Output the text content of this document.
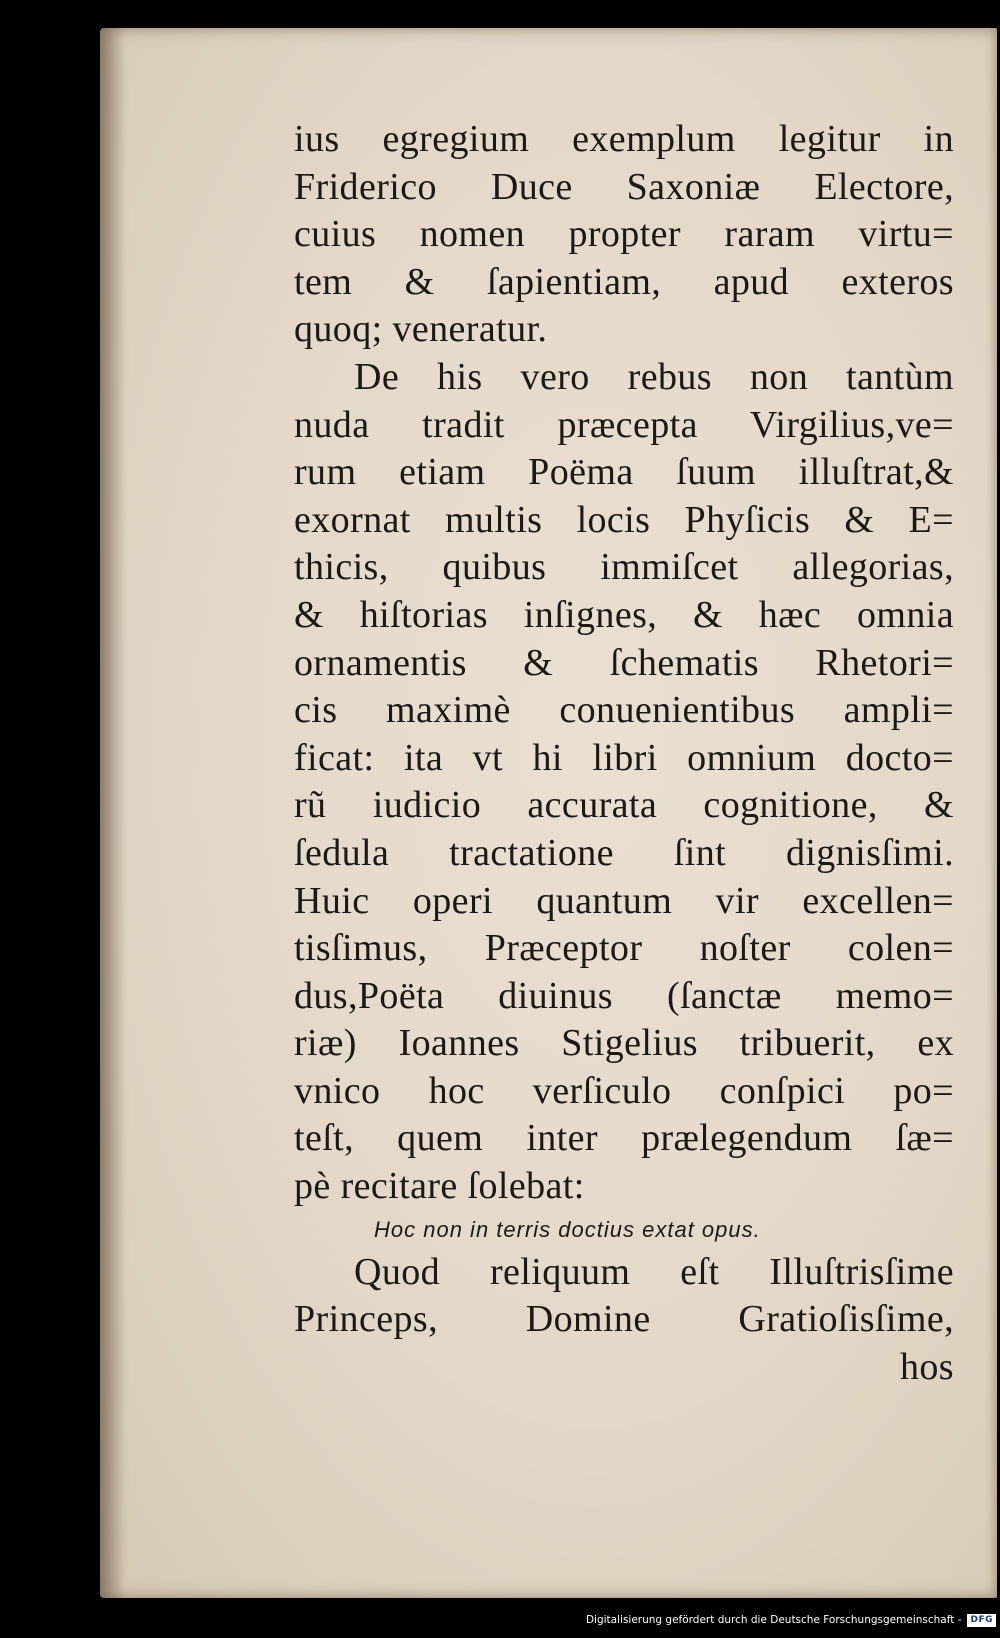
ius egregium exemplum legitur in
Friderico Duce Saxoniæ Electore,
cuius nomen propter raram virtu=
tem & ſapientiam, apud exteros
quoq; veneratur.
De his vero rebus non tantùm
nuda tradit præcepta Virgilius,ve=
rum etiam Poëma ſuum illuſtrat,&
exornat multis locis Phyſicis & E=
thicis, quibus immiſcet allegorias,
& hiſtorias inſignes, & hæc omnia
ornamentis & ſchematis Rhetori=
cis maximè conuenientibus ampli=
ficat: ita vt hi libri omnium docto=
rũ iudicio accurata cognitione, &
ſedula tractatione ſint dignisſimi.
Huic operi quantum vir excellen=
tisſimus, Præceptor noſter colen=
dus,Poëta diuinus (ſanctæ memo=
riæ) Ioannes Stigelius tribuerit, ex
vnico hoc verſiculo conſpici po=
teſt, quem inter prælegendum ſæ=
pè recitare ſolebat:
Hoc non in terris doctius extat opus.
Quod reliquum eſt Illuſtrisſime
Princeps, Domine Gratioſisſime,
hos
Digitalisierung gefördert durch die Deutsche Forschungsgemeinschaft -	DFG
